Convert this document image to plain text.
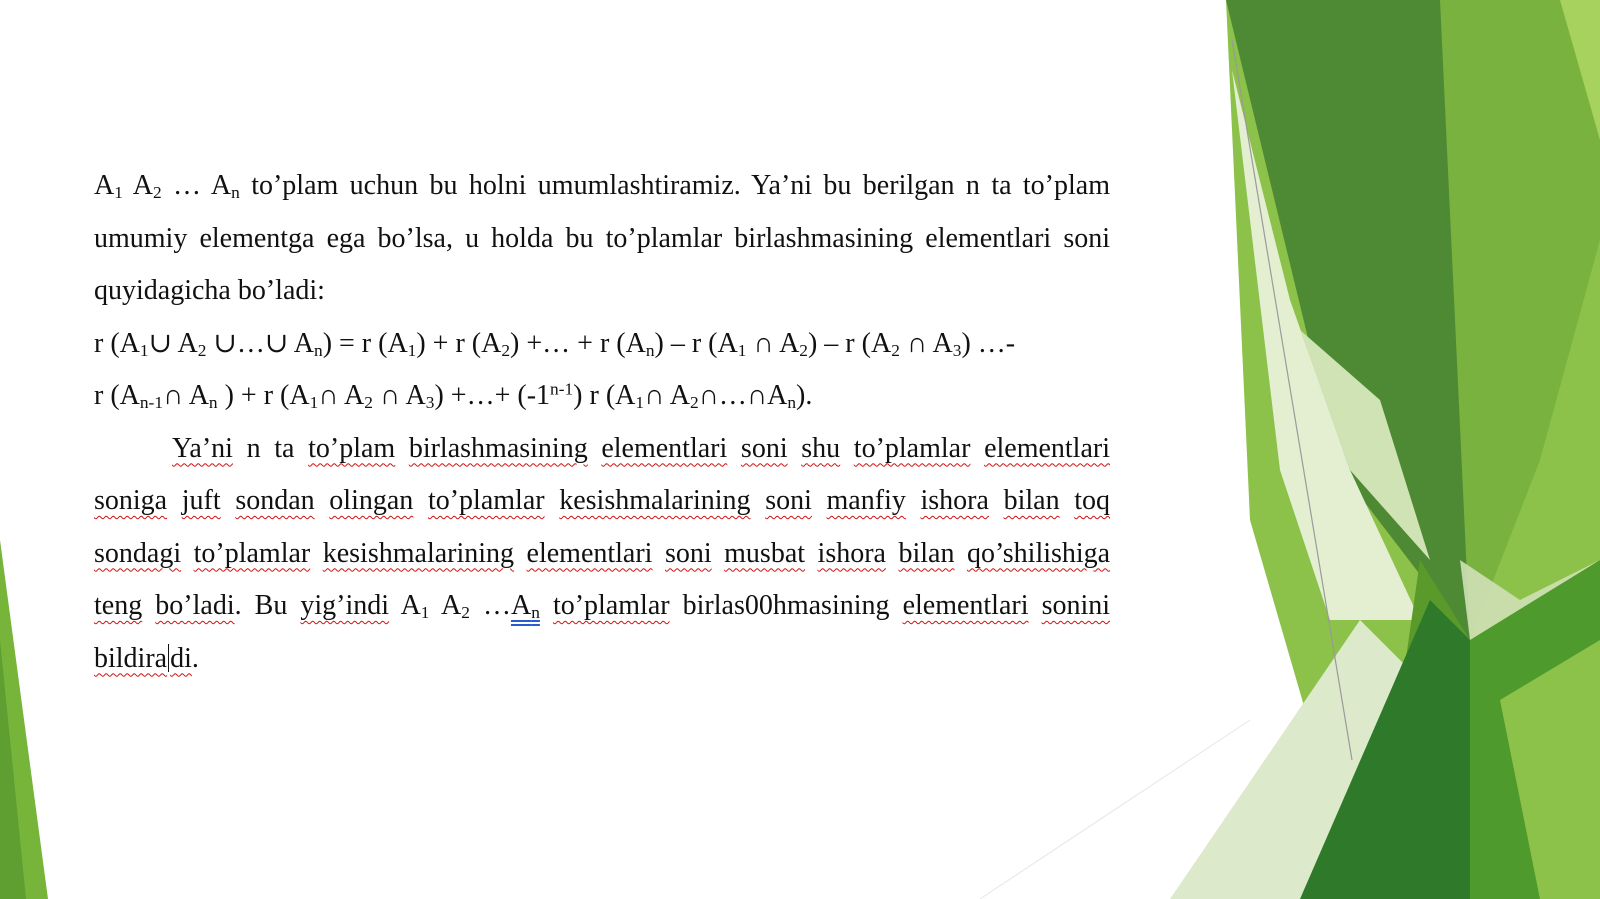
$A_1$ $A_2$ … $A_n$ to’plam uchun bu holni umumlashtiramiz. Ya’ni bu berilgan n ta to’plam umumiy elementga ega bo’lsa, u holda bu to’plamlar birlashmasining elementlari soni quyidagicha bo’ladi:

r ($A_1\cup$ $A_2$ ∪…∪ $A_n) = r$ $(A_1) + r$ $(A_2)$ +… + r $(A_n)$ – r ($A_1$ ∩ $A_2$) – r ($A_2$ ∩ $A_3$) …-

r ($A_{n-1}\cap$ $A_n$ ) + r ($A_1\cap$ $A_2$ ∩ $A_3$) +…+ $(-1^{n-1})$ r ($A_1\cap$ $A_2\cap\dots\cap A_n$).

Ya’ni n ta to’plam birlashmasining elementlari soni shu to’plamlar elementlari soniga juft sondan olingan to’plamlar kesishmalarining soni manfiy ishora bilan toq sondagi to’plamlar kesishmalarining elementlari soni musbat ishora bilan qo’shilishiga teng bo’ladi. Bu yig’indi $A_1$ $A_2$ $\dots A_n$ to’plamlar birlas00hmasining elementlari sonini bildira di.
